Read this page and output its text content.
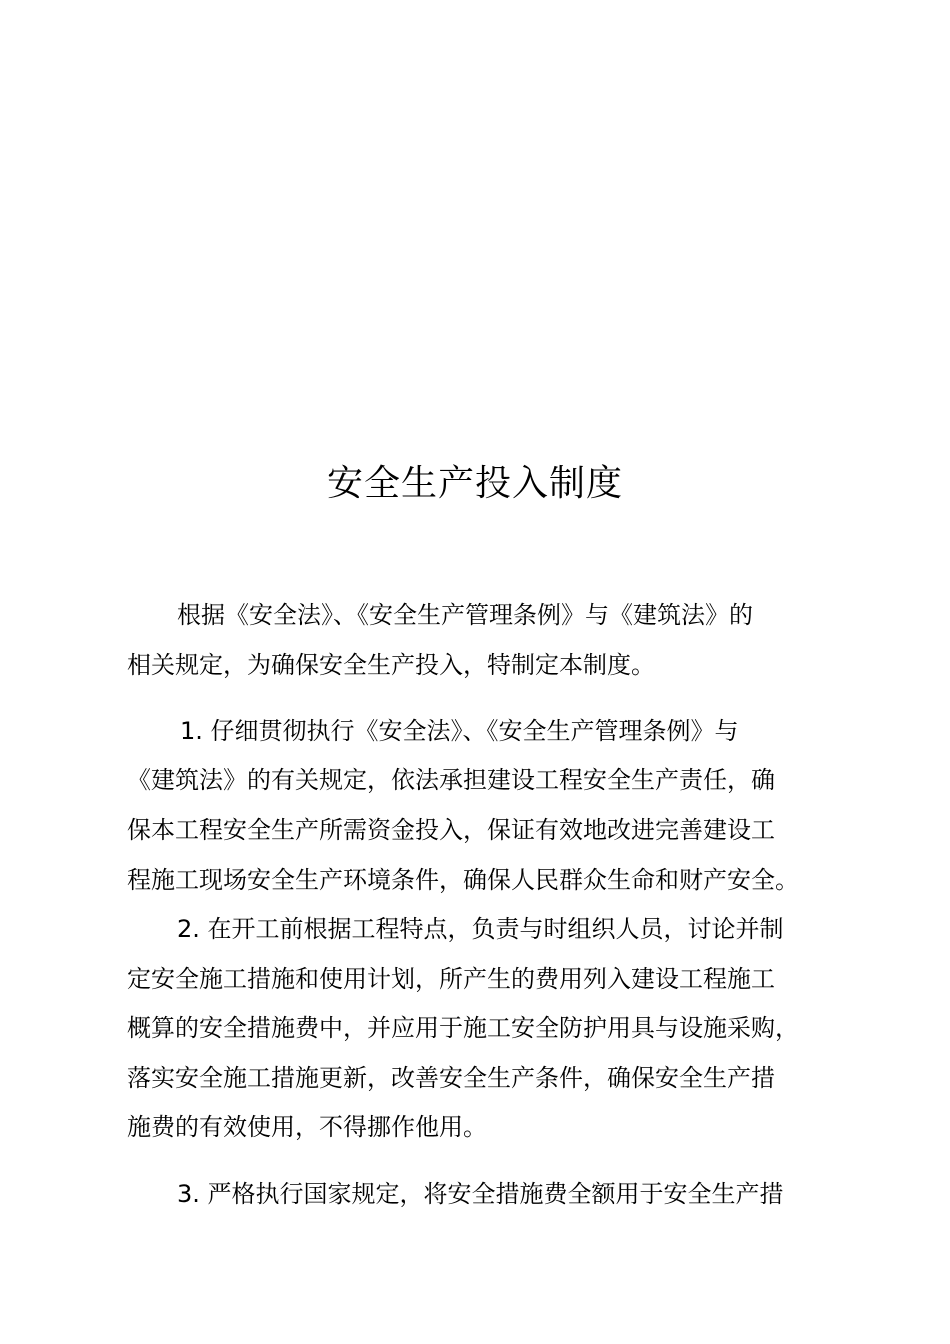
安全生产投入制度

根据《安全法》、《安全生产管理条例》与《建筑法》的

相关规定，为确保安全生产投入，特制定本制度。

1. 仔细贯彻执行《安全法》、《安全生产管理条例》与

《建筑法》的有关规定，依法承担建设工程安全生产责任，确

保本工程安全生产所需资金投入，保证有效地改进完善建设工

程施工现场安全生产环境条件，确保人民群众生命和财产安全。

2. 在开工前根据工程特点，负责与时组织人员，讨论并制

定安全施工措施和使用计划，所产生的费用列入建设工程施工

概算的安全措施费中，并应用于施工安全防护用具与设施采购，

落实安全施工措施更新，改善安全生产条件，确保安全生产措

施费的有效使用，不得挪作他用。

3. 严格执行国家规定，将安全措施费全额用于安全生产措
